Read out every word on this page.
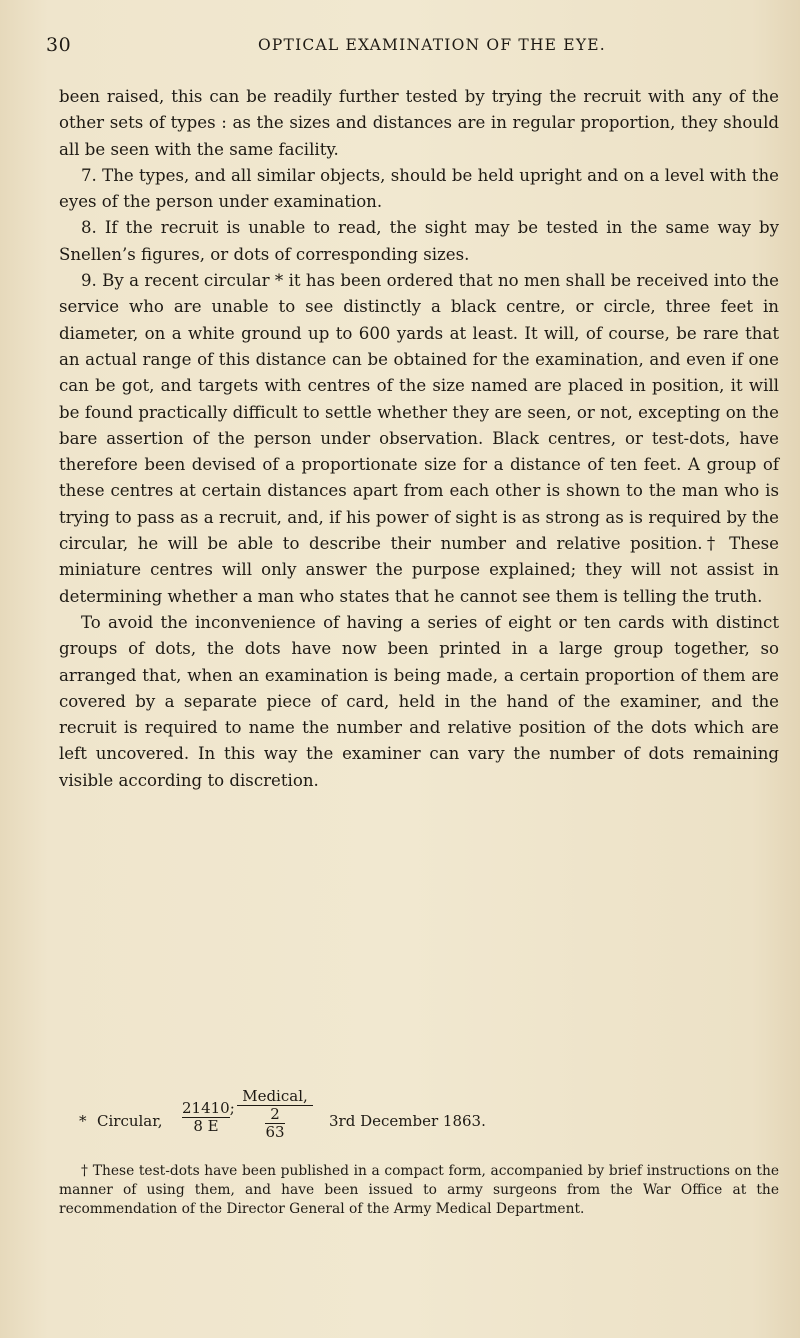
30	OPTICAL EXAMINATION OF THE EYE.

been raised, this can be readily further tested by trying the recruit with any of the other sets of types : as the sizes and distances are in regular proportion, they should all be seen with the same facility.

7. The types, and all similar objects, should be held upright and on a level with the eyes of the person under examination.

8. If the recruit is unable to read, the sight may be tested in the same way by Snellen’s figures, or dots of corresponding sizes.

9. By a recent circular * it has been ordered that no men shall be received into the service who are unable to see distinctly a black centre, or circle, three feet in diameter, on a white ground up to 600 yards at least. It will, of course, be rare that an actual range of this distance can be obtained for the examination, and even if one can be got, and targets with centres of the size named are placed in position, it will be found practically difficult to settle whether they are seen, or not, excepting on the bare assertion of the person under observation. Black centres, or test-dots, have therefore been devised of a proportionate size for a distance of ten feet. A group of these centres at certain distances apart from each other is shown to the man who is trying to pass as a recruit, and, if his power of sight is as strong as is required by the circular, he will be able to describe their number and relative position.† These miniature centres will only answer the purpose explained; they will not assist in determining whether a man who states that he cannot see them is telling the truth.

To avoid the inconvenience of having a series of eight or ten cards with distinct groups of dots, the dots have now been printed in a large group together, so arranged that, when an examination is being made, a certain proportion of them are covered by a separate piece of card, held in the hand of the examiner, and the recruit is required to name the number and relative position of the dots which are left uncovered. In this way the examiner can vary the number of dots remaining visible according to discretion.

* Circular, $\frac{21410;}{8 E}$
Medical,
2
63
3rd December 1863.

† These test-dots have been published in a compact form, accompanied by brief instructions on the manner of using them, and have been issued to army surgeons from the War Office at the recommendation of the Director General of the Army Medical Department.
